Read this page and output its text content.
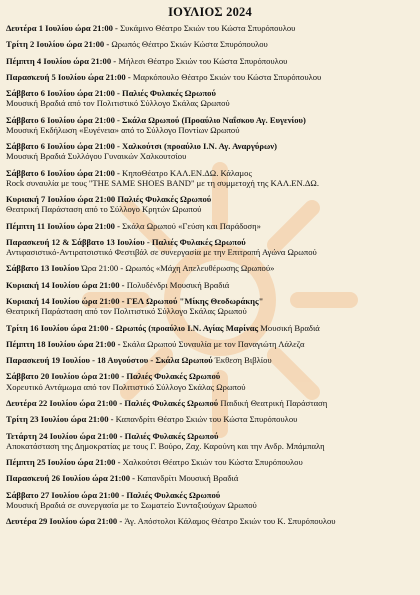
ΙΟΥΛΙΟΣ 2024
Δευτέρα 1 Ιουλίου ώρα 21:00 - Συκάμινο Θέατρο Σκιών του Κώστα Σπυρόπουλου
Τρίτη 2 Ιουλίου ώρα 21:00 - Ωρωπός Θέατρο Σκιών Κώστα Σπυρόπουλου
Πέμπτη 4 Ιουλίου ώρα 21:00 - Μήλεσι Θέατρο Σκιών του Κώστα Σπυρόπουλου
Παρασκευή 5 Ιουλίου ώρα 21:00 - Μαρκόπουλο Θέατρο Σκιών του Κώστα Σπυρόπουλου
Σάββατο 6 Ιουλίου ώρα 21:00 - Παλιές Φυλακές Ωρωπού
Μουσική Βραδιά από τον Πολιτιστικό Σύλλογο Σκάλας Ωρωπού
Σάββατο 6 Ιουλίου ώρα 21:00 - Σκάλα Ωρωπού (Προαύλιο Ναΐσκου Αγ. Ευγενίου)
Μουσική Εκδήλωση «Ευγένεια» από το Σύλλογο Ποντίων Ωρωπού
Σάββατο 6 Ιουλίου ώρα 21:00 - Χαλκούτσι (προαύλιο Ι.Ν. Αγ. Αναργύρων)
Μουσική Βραδιά Συλλόγου Γυναικών Χαλκουτσίου
Σάββατο 6 Ιουλίου ώρα 21:00 - ΚηποΘέατρο ΚΑΛ.ΕΝ.ΔΩ. Κάλαμος
Rock συναυλία με τους "THE SAME SHOES BAND" με τη συμμετοχή της ΚΑΛ.ΕΝ.ΔΩ.
Κυριακή 7 Ιουλίου ώρα 21:00 Παλιές Φυλακές Ωρωπού
Θεατρική Παράσταση από το Σύλλογο Κρητών Ωρωπού
Πέμπτη 11 Ιουλίου ώρα 21:00 - Σκάλα Ωρωπού «Γεύση και Παράδοση»
Παρασκευή 12 & Σάββατο 13 Ιουλίου - Παλιές Φυλακές Ωρωπού
Αντιφασιστικό-Αντιρατσιστικό Φεστιβάλ σε συνεργασία με την Επιτροπή Αγώνα Ωρωπού
Σάββατο 13 Ιουλίου Ώρα 21:00 - Ωρωπός «Μάχη Απελευθέρωσης Ωρωπού»
Κυριακή 14 Ιουλίου ώρα 21:00 - Πολυδένδρι Μουσική Βραδιά
Κυριακή 14 Ιουλίου ώρα 21:00 - ΓΕΛ Ωρωπού "Μίκης Θεοδωράκης"
Θεατρική Παράσταση από τον Πολιτιστικό Σύλλογο Σκάλας Ωρωπού
Τρίτη 16 Ιουλίου ώρα 21:00 - Ωρωπός (προαύλιο Ι.Ν. Αγίας Μαρίνας Μουσική Βραδιά
Πέμπτη 18 Ιουλίου ώρα 21:00 - Σκάλα Ωρωπού Συναυλία με τον Παναγιώτη Λάλεζα
Παρασκευή 19 Ιουλίου - 18 Αυγούστου - Σκάλα Ωρωπού Έκθεση Βιβλίου
Σάββατο 20 Ιουλίου ώρα 21:00 - Παλιές Φυλακές Ωρωπού
Χορευτικό Αντάμωμα από τον Πολιτιστικό Σύλλογο Σκάλας Ωρωπού
Δευτέρα 22 Ιουλίου ώρα 21:00 - Παλιές Φυλακές Ωρωπού Παιδική Θεατρική Παράσταση
Τρίτη 23 Ιουλίου ώρα 21:00 - Καπανδρίτι Θέατρο Σκιών του Κώστα Σπυρόπουλου
Τετάρτη 24 Ιουλίου ώρα 21:00 - Παλιές Φυλακές Ωρωπού
Αποκατάσταση της Δημοκρατίας με τους Γ. Βούρο, Ζαχ. Καρούνη και την Ανδρ. Μπάμπαλη
Πέμπτη 25 Ιουλίου ώρα 21:00 - Χαλκούτσι Θέατρο Σκιών του Κώστα Σπυρόπουλου
Παρασκευή 26 Ιουλίου ώρα 21:00 - Καπανδρίτι Μουσική Βραδιά
Σάββατο 27 Ιουλίου ώρα 21:00 - Παλιές Φυλακές Ωρωπού
Μουσική Βραδιά σε συνεργασία με το Σωματείο Συνταξιούχων Ωρωπού
Δευτέρα 29 Ιουλίου ώρα 21:00 - Άγ. Απόστολοι Κάλαμος Θέατρο Σκιών του Κ. Σπυρόπουλου
